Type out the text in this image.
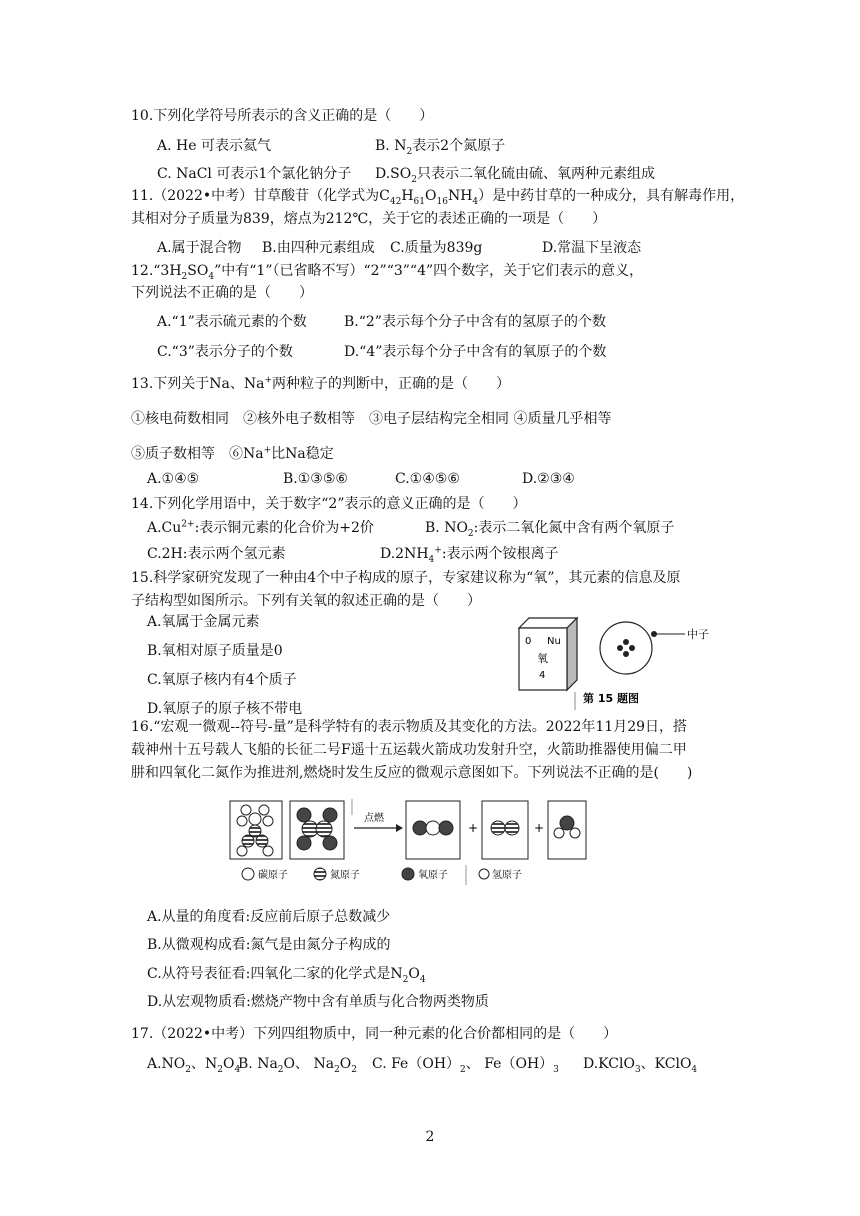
10.下列化学符号所表示的含义正确的是（　　）
A. He 可表示氦气	B. $N_2$表示2个氮原子
C. NaCl 可表示1个氯化钠分子 $D.SO_2$只表示二氧化硫由硫、氧两种元素组成
11.（2022•中考）甘草酸苷（化学式为$C_{42}H_{61}O_{16}NH_4$）是中药甘草的一种成分，具有解毒作用，
其相对分子质量为839，熔点为212℃，关于它的表述正确的一项是（　　）
A.属于混合物 B.由四种元素组成 C.质量为839g	D.常温下呈液态
$12.“3H_2SO_4$”中有“1”（已省略不写）“2”“3”“4”四个数字，关于它们表示的意义，
下列说法不正确的是（　　）
A.“1”表示硫元素的个数	B.“2”表示每个分子中含有的氢原子的个数
C.“3”表示分子的个数	D.“4”表示每个分子中含有的氧原子的个数
13.下列关于Na、Na+两种粒子的判断中，正确的是（　　）
①核电荷数相同　②核外电子数相等　③电子层结构完全相同 ④质量几乎相等
⑤质子数相等　⑥Na+比Na稳定
A.①④⑤	B.①③⑤⑥	C.①④⑤⑥	D.②③④
14.下列化学用语中，关于数字“2”表示的意义正确的是（　　）
$A.Cu^{2+}$:表示铜元素的化合价为+2价	B. $NO_2$:表示二氧化氮中含有两个氧原子
C.2H:表示两个氢元素	$D.2NH_4^+$:表示两个铵根离子
15.科学家研究发现了一种由4个中子构成的原子，专家建议称为“氧”，其元素的信息及原
子结构型如图所示。下列有关氧的叙述正确的是（　　）
A.氧属于金属元素
B.氧相对原子质量是0
C.氧原子核内有4个质子
D.氧原子的原子核不带电
0 Nu
氧
4
中子
第 15 题图
16.“宏观一微观--符号-量”是科学特有的表示物质及其变化的方法。2022年11月29日，搭
载神州十五号载人飞船的长征二号F遥十五运载火箭成功发射升空，火箭助推器使用偏二甲
肼和四氧化二氮作为推进剂,燃烧时发生反应的微观示意图如下。下列说法不正确的是(　　)
点燃
+	+
碳原子	氮原子	氧原子	氢原子
A.从量的角度看:反应前后原子总数减少
B.从微观构成看:氮气是由氮分子构成的
C.从符号表征看:四氧化二家的化学式是$N_2O_4$
D.从宏观物质看:燃烧产物中含有单质与化合物两类物质
17.（2022•中考）下列四组物质中，同一种元素的化合价都相同的是（　　）
$A.NO_2$、$N_2O_4$
B. $Na_2O$、 $Na_2O_2$ C. $Fe(OH)_2$、 $Fe(OH)_3$ D.KClO$_3$、KClO$_4$
2
